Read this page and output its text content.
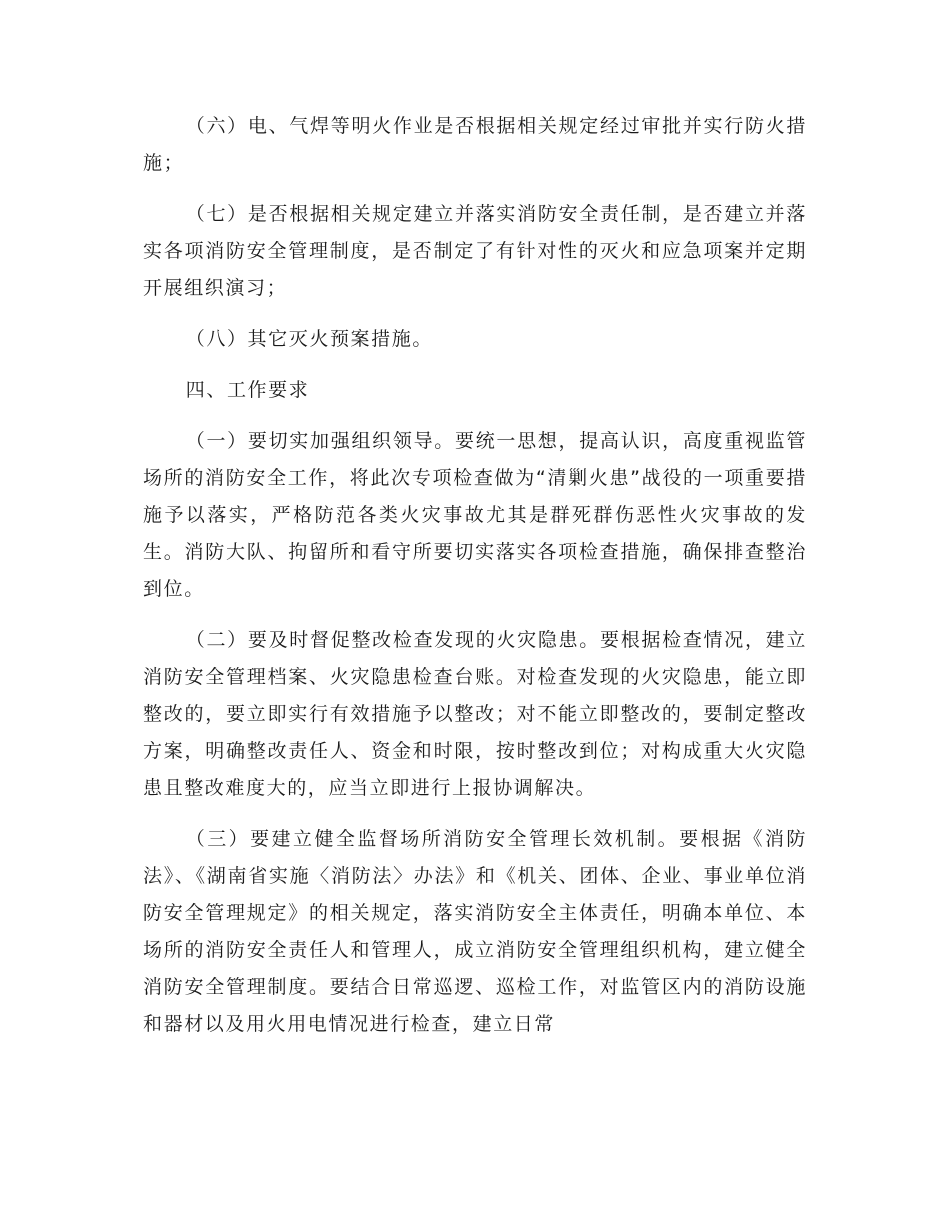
（六）电、气焊等明火作业是否根据相关规定经过审批并实行防火措施；

（七）是否根据相关规定建立并落实消防安全责任制，是否建立并落实各项消防安全管理制度，是否制定了有针对性的灭火和应急项案并定期开展组织演习；

（八）其它灭火预案措施。

四、工作要求

（一）要切实加强组织领导。要统一思想，提高认识，高度重视监管场所的消防安全工作，将此次专项检查做为“清剿火患”战役的一项重要措施予以落实，严格防范各类火灾事故尤其是群死群伤恶性火灾事故的发生。消防大队、拘留所和看守所要切实落实各项检查措施，确保排查整治到位。

（二）要及时督促整改检查发现的火灾隐患。要根据检查情况，建立消防安全管理档案、火灾隐患检查台账。对检查发现的火灾隐患，能立即整改的，要立即实行有效措施予以整改；对不能立即整改的，要制定整改方案，明确整改责任人、资金和时限，按时整改到位；对构成重大火灾隐患且整改难度大的，应当立即进行上报协调解决。

（三）要建立健全监督场所消防安全管理长效机制。要根据《消防法》、《湖南省实施〈消防法〉办法》和《机关、团体、企业、事业单位消防安全管理规定》的相关规定，落实消防安全主体责任，明确本单位、本场所的消防安全责任人和管理人，成立消防安全管理组织机构，建立健全消防安全管理制度。要结合日常巡逻、巡检工作，对监管区内的消防设施和器材以及用火用电情况进行检查，建立日常
